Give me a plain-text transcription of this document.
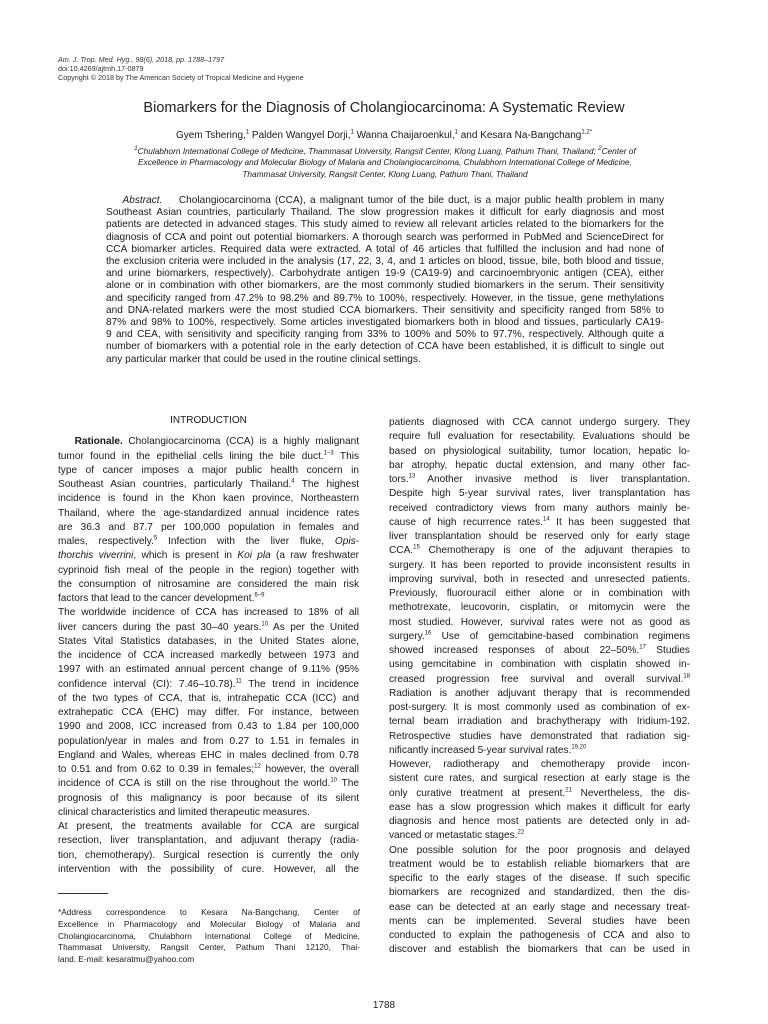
Am. J. Trop. Med. Hyg., 98(6), 2018, pp. 1788–1797
doi:10.4269/ajtmh.17-0879
Copyright © 2018 by The American Society of Tropical Medicine and Hygiene
Biomarkers for the Diagnosis of Cholangiocarcinoma: A Systematic Review
Gyem Tshering,$^1$ Palden Wangyel Dorji,$^1$ Wanna Chaijaroenkul,$^1$ and Kesara Na-Bangchang$^{1,2*}$
$^1$Chulabhorn International College of Medicine, Thammasat University, Rangsit Center, Klong Luang, Pathum Thani, Thailand; $^2$Center of
Excellence in Pharmacology and Molecular Biology of Malaria and Cholangiocarcinoma, Chulabhorn International College of Medicine,
Thammasat University, Rangsit Center, Klong Luang, Pathum Thani, Thailand
Abstract. Cholangiocarcinoma (CCA), a malignant tumor of the bile duct, is a major public health problem in many
Southeast Asian countries, particularly Thailand. The slow progression makes it difficult for early diagnosis and most
patients are detected in advanced stages. This study aimed to review all relevant articles related to the biomarkers for the
diagnosis of CCA and point out potential biomarkers. A thorough search was performed in PubMed and ScienceDirect for
CCA biomarker articles. Required data were extracted. A total of 46 articles that fulfilled the inclusion and had none of
the exclusion criteria were included in the analysis (17, 22, 3, 4, and 1 articles on blood, tissue, bile, both blood and tissue,
and urine biomarkers, respectively). Carbohydrate antigen 19-9 (CA19-9) and carcinoembryonic antigen (CEA), either
alone or in combination with other biomarkers, are the most commonly studied biomarkers in the serum. Their sensitivity
and specificity ranged from 47.2% to 98.2% and 89.7% to 100%, respectively. However, in the tissue, gene methylations
and DNA-related markers were the most studied CCA biomarkers. Their sensitivity and specificity ranged from 58% to
87% and 98% to 100%, respectively. Some articles investigated biomarkers both in blood and tissues, particularly CA19-
9 and CEA, with sensitivity and specificity ranging from 33% to 100% and 50% to 97.7%, respectively. Although quite a
number of biomarkers with a potential role in the early detection of CCA have been established, it is difficult to single out
any particular marker that could be used in the routine clinical settings.
INTRODUCTION
Rationale. Cholangiocarcinoma (CCA) is a highly malignant
tumor found in the epithelial cells lining the bile duct.$^{1-3}$ This
type of cancer imposes a major public health concern in
Southeast Asian countries, particularly Thailand.$^4$ The highest
incidence is found in the Khon kaen province, Northeastern
Thailand, where the age-standardized annual incidence rates
are 36.3 and 87.7 per 100,000 population in females and
males, respectively.$^5$ Infection with the liver fluke, Opis-
thorchis viverrini, which is present in Koi pla (a raw freshwater
cyprinoid fish meal of the people in the region) together with
the consumption of nitrosamine are considered the main risk
factors that lead to the cancer development.$^{6-9}$
The worldwide incidence of CCA has increased to 18% of all
liver cancers during the past 30–40 years.$^{10}$ As per the United
States Vital Statistics databases, in the United States alone,
the incidence of CCA increased markedly between 1973 and
1997 with an estimated annual percent change of 9.11% (95%
confidence interval (CI): 7.46–10.78).$^{11}$ The trend in incidence
of the two types of CCA, that is, intrahepatic CCA (ICC) and
extrahepatic CCA (EHC) may differ. For instance, between
1990 and 2008, ICC increased from 0.43 to 1.84 per 100,000
population/year in males and from 0.27 to 1.51 in females in
England and Wales, whereas EHC in males declined from 0.78
to 0.51 and from 0.62 to 0.39 in females;$^{12}$ however, the overall
incidence of CCA is still on the rise throughout the world.$^{10}$ The
prognosis of this malignancy is poor because of its silent
clinical characteristics and limited therapeutic measures.
At present, the treatments available for CCA are surgical
resection, liver transplantation, and adjuvant therapy (radia-
tion, chemotherapy). Surgical resection is currently the only
intervention with the possibility of cure. However, all the
*Address correspondence to Kesara Na-Bangchang, Center of
Excellence in Pharmacology and Molecular Biology of Malaria and
Cholangiocarcinoma, Chulabhorn International College of Medicine,
Thammasat University, Rangsit Center, Pathum Thani 12120, Thai-
land. E-mail: kesaratmu@yahoo.com
patients diagnosed with CCA cannot undergo surgery. They
require full evaluation for resectability. Evaluations should be
based on physiological suitability, tumor location, hepatic lo-
bar atrophy, hepatic ductal extension, and many other fac-
tors.$^{13}$ Another invasive method is liver transplantation.
Despite high 5-year survival rates, liver transplantation has
received contradictory views from many authors mainly be-
cause of high recurrence rates.$^{14}$ It has been suggested that
liver transplantation should be reserved only for early stage
CCA.$^{15}$ Chemotherapy is one of the adjuvant therapies to
surgery. It has been reported to provide inconsistent results in
improving survival, both in resected and unresected patients.
Previously, fluorouracil either alone or in combination with
methotrexate, leucovorin, cisplatin, or mitomycin were the
most studied. However, survival rates were not as good as
surgery.$^{16}$ Use of gemcitabine-based combination regimens
showed increased responses of about 22–50%.$^{17}$ Studies
using gemcitabine in combination with cisplatin showed in-
creased progression free survival and overall survival.$^{18}$
Radiation is another adjuvant therapy that is recommended
post-surgery. It is most commonly used as combination of ex-
ternal beam irradiation and brachytherapy with Iridium-192.
Retrospective studies have demonstrated that radiation sig-
nificantly increased 5-year survival rates.$^{19,20}$
However, radiotherapy and chemotherapy provide incon-
sistent cure rates, and surgical resection at early stage is the
only curative treatment at present.$^{21}$ Nevertheless, the dis-
ease has a slow progression which makes it difficult for early
diagnosis and hence most patients are detected only in ad-
vanced or metastatic stages.$^{22}$
One possible solution for the poor prognosis and delayed
treatment would be to establish reliable biomarkers that are
specific to the early stages of the disease. If such specific
biomarkers are recognized and standardized, then the dis-
ease can be detected at an early stage and necessary treat-
ments can be implemented. Several studies have been
conducted to explain the pathogenesis of CCA and also to
discover and establish the biomarkers that can be used in
1788
